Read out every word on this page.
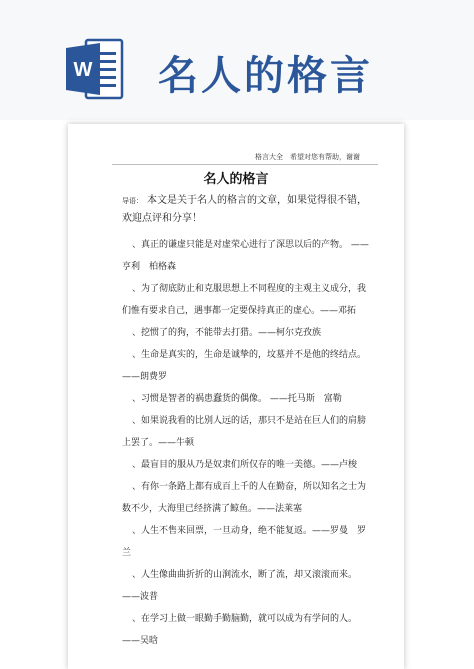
W 名人的格言
格言大全　希望对您有帮助，谢谢
名人的格言
导语： 本文是关于名人的格言的文章，如果觉得很不错，欢迎点评和分享！

、真正的谦虚只能是对虚荣心进行了深思以后的产物。 ——亨利　柏格森

、为了彻底防止和克服思想上不同程度的主观主义成分，我们惟有要求自己，遇事都一定要保持真正的虚心。——邓拓

、挖惯了的狗，不能带去打猎。——柯尔克孜族

、生命是真实的，生命是诚挚的，坟墓并不是他的终结点。 ——朗费罗

、习惯是智者的祸患蠢货的偶像。 ——托马斯　富勒

、如果说我看的比别人远的话，那只不是站在巨人们的肩膀上罢了。——牛顿

、最盲目的服从乃是奴隶们所仅存的唯一美德。——卢梭

、有你一条路上都有成百上千的人在勤奋，所以知名之士为数不少，大海里已经挤满了鲸鱼。——法莱塞

、人生不售来回票，一旦动身，绝不能复返。——罗曼　罗兰

、人生像曲曲折折的山涧流水，断了流，却又滚滚而来。——波普

、在学习上做一眼勤手勤脑勤，就可以成为有学问的人。——吴晗
